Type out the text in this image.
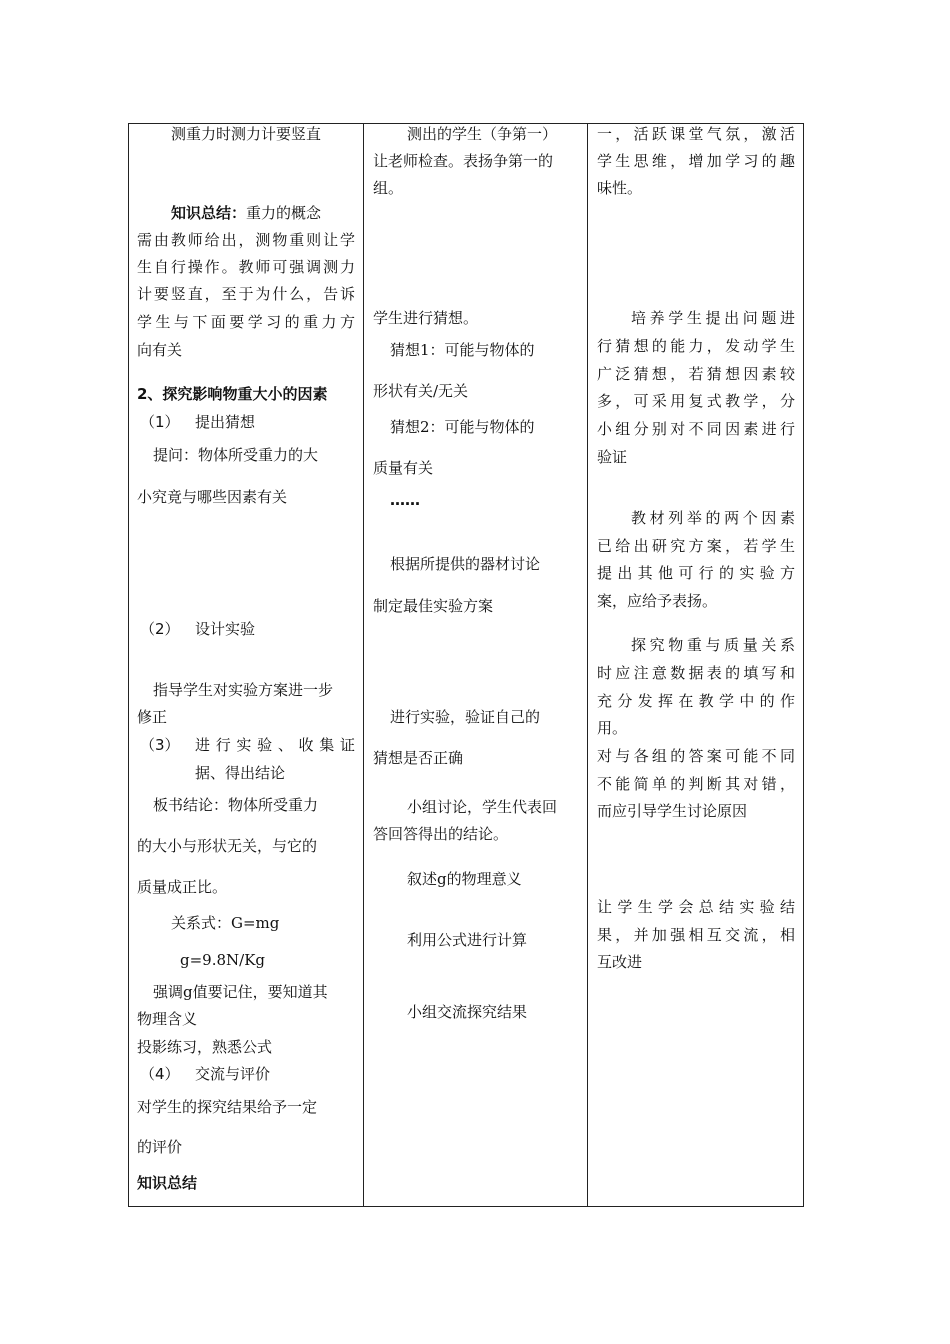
测重力时测力计要竖直
知识总结：重力的概念
需由教师给出，测物重则让学
生自行操作。教师可强调测力
计要竖直，至于为什么，告诉
学生与下面要学习的重力方
向有关
2、探究影响物重大小的因素
（1） 提出猜想
提问：物体所受重力的大
小究竟与哪些因素有关
（2） 设计实验
指导学生对实验方案进一步
修正
（3） 进行实验、收集证
据、得出结论
板书结论：物体所受重力
的大小与形状无关，与它的
质量成正比。
关系式：G=mg
g=9.8N/Kg
强调g值要记住，要知道其
物理含义
投影练习，熟悉公式
（4） 交流与评价
对学生的探究结果给予一定
的评价
知识总结
测出的学生（争第一）
让老师检查。表扬争第一的
组。
学生进行猜想。
猜想1：可能与物体的
形状有关/无关
猜想2：可能与物体的
质量有关
……
根据所提供的器材讨论
制定最佳实验方案
进行实验，验证自己的
猜想是否正确
小组讨论，学生代表回
答回答得出的结论。
叙述g的物理意义
利用公式进行计算
小组交流探究结果
一，活跃课堂气氛，激活
学生思维，增加学习的趣
味性。
培养学生提出问题进
行猜想的能力，发动学生
广泛猜想，若猜想因素较
多，可采用复式教学，分
小组分别对不同因素进行
验证
教材列举的两个因素
已给出研究方案，若学生
提出其他可行的实验方
案，应给予表扬。
探究物重与质量关系
时应注意数据表的填写和
充分发挥在教学中的作
用。
对与各组的答案可能不同
不能简单的判断其对错，
而应引导学生讨论原因
让学生学会总结实验结
果，并加强相互交流，相
互改进
